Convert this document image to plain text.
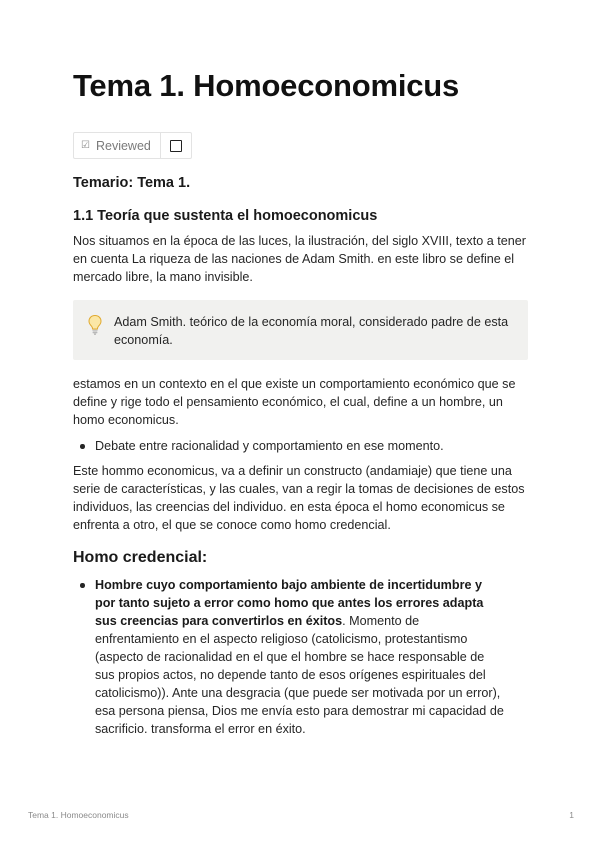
Tema 1. Homoeconomicus
☑ Reviewed
Temario: Tema 1.
1.1 Teoría que sustenta el homoeconomicus

Nos situamos en la época de las luces, la ilustración, del siglo XVIII, texto a tener en cuenta La riqueza de las naciones de Adam Smith. en este libro se define el mercado libre, la mano invisible.

Adam Smith. teórico de la economía moral, considerado padre de esta economía.

estamos en un contexto en el que existe un comportamiento económico que se define y rige todo el pensamiento económico, el cual, define a un hombre, un homo economicus.

Debate entre racionalidad y comportamiento en ese momento.

Este hommo economicus, va a definir un constructo (andamiaje) que tiene una serie de características, y las cuales, van a regir la tomas de decisiones de estos individuos, las creencias del individuo. en esta época el homo economicus se enfrenta a otro, el que se conoce como homo credencial.

Homo credencial:
Hombre cuyo comportamiento bajo ambiente de incertidumbre y por tanto sujeto a error como homo que antes los errores adapta sus creencias para convertirlos en éxitos. Momento de enfrentamiento en el aspecto religioso (catolicismo, protestantismo (aspecto de racionalidad en el que el hombre se hace responsable de sus propios actos, no depende tanto de esos orígenes espirituales del catolicismo)). Ante una desgracia (que puede ser motivada por un error), esa persona piensa, Dios me envía esto para demostrar mi capacidad de sacrificio. transforma el error en éxito.
Tema 1. Homoeconomicus	1
